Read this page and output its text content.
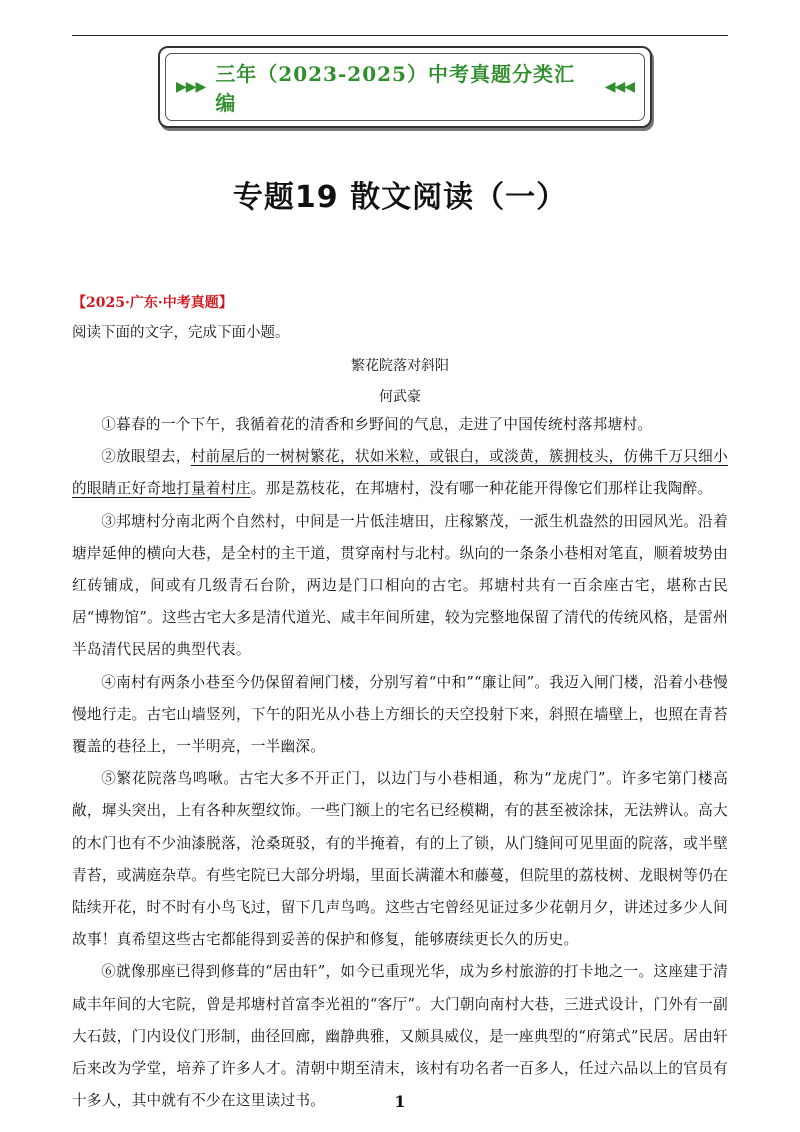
▶▶▶
三年（2023-2025）中考真题分类汇编
◀◀◀
专题19 散文阅读（一）
【2025·广东·中考真题】
阅读下面的文字，完成下面小题。
繁花院落对斜阳
何武豪

①暮春的一个下午，我循着花的清香和乡野间的气息，走进了中国传统村落邦塘村。

②放眼望去，村前屋后的一树树繁花，状如米粒，或银白，或淡黄，簇拥枝头，仿佛千万只细小的眼睛正好奇地打量着村庄。那是荔枝花，在邦塘村，没有哪一种花能开得像它们那样让我陶醉。

③邦塘村分南北两个自然村，中间是一片低洼塘田，庄稼繁茂，一派生机盎然的田园风光。沿着塘岸延伸的横向大巷，是全村的主干道，贯穿南村与北村。纵向的一条条小巷相对笔直，顺着坡势由红砖铺成，间或有几级青石台阶，两边是门口相向的古宅。邦塘村共有一百余座古宅，堪称古民居“博物馆”。这些古宅大多是清代道光、咸丰年间所建，较为完整地保留了清代的传统风格，是雷州半岛清代民居的典型代表。

④南村有两条小巷至今仍保留着闸门楼，分别写着“中和”“廉让间”。我迈入闸门楼，沿着小巷慢慢地行走。古宅山墙竖列，下午的阳光从小巷上方细长的天空投射下来，斜照在墙壁上，也照在青苔覆盖的巷径上，一半明亮，一半幽深。

⑤繁花院落鸟鸣啾。古宅大多不开正门，以边门与小巷相通，称为“龙虎门”。许多宅第门楼高敞，墀头突出，上有各种灰塑纹饰。一些门额上的宅名已经模糊，有的甚至被涂抹，无法辨认。高大的木门也有不少油漆脱落，沧桑斑驳，有的半掩着，有的上了锁，从门缝间可见里面的院落，或半壁青苔，或满庭杂草。有些宅院已大部分坍塌，里面长满灌木和藤蔓，但院里的荔枝树、龙眼树等仍在陆续开花，时不时有小鸟飞过，留下几声鸟鸣。这些古宅曾经见证过多少花朝月夕，讲述过多少人间故事！真希望这些古宅都能得到妥善的保护和修复，能够赓续更长久的历史。

⑥就像那座已得到修葺的“居由轩”，如今已重现光华，成为乡村旅游的打卡地之一。这座建于清咸丰年间的大宅院，曾是邦塘村首富李光祖的“客厅”。大门朝向南村大巷，三进式设计，门外有一副大石鼓，门内设仪门形制，曲径回廊，幽静典雅，又颇具威仪，是一座典型的“府第式”民居。居由轩后来改为学堂，培养了许多人才。清朝中期至清末，该村有功名者一百多人，任过六品以上的官员有十多人，其中就有不少在这里读过书。	1
